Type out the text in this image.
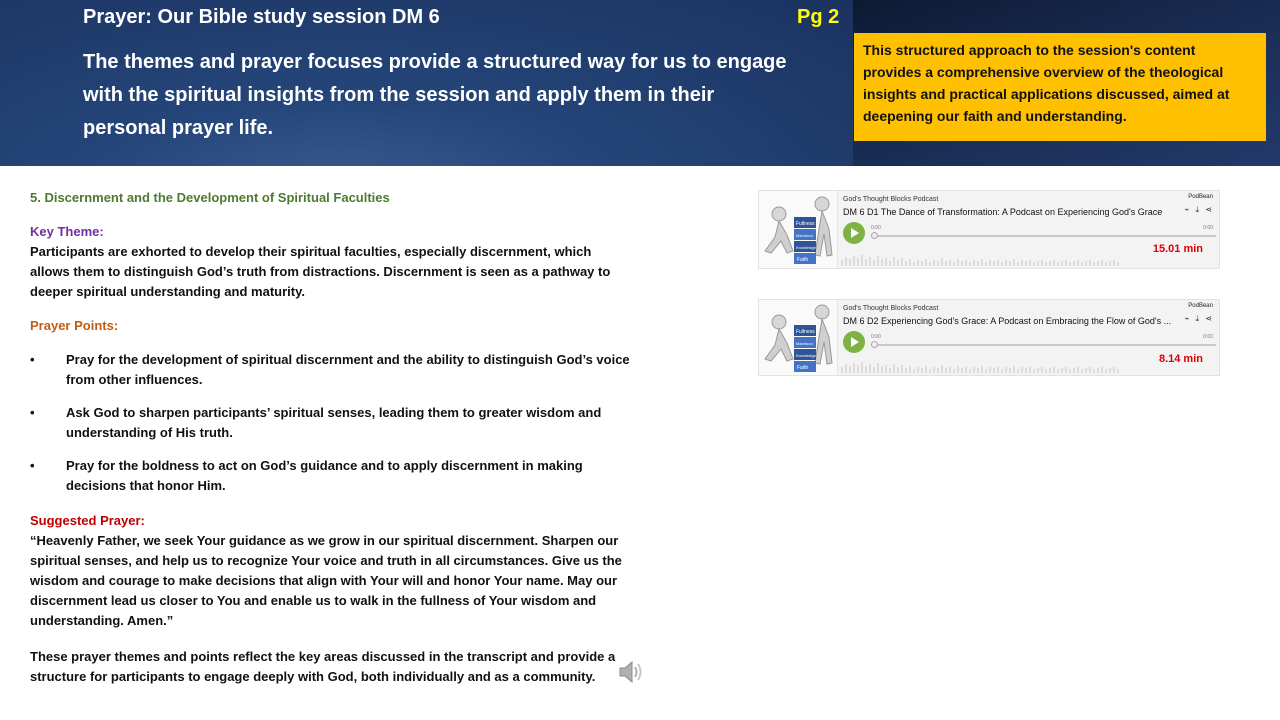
Prayer: Our Bible study session DM 6	Pg 2
The themes and prayer focuses provide a structured way for us to engage with the spiritual insights from the session and apply them in their personal prayer life.
This structured approach to the session's content provides a comprehensive overview of the theological insights and practical applications discussed, aimed at deepening our faith and understanding.
5. Discernment and the Development of Spiritual Faculties
Key Theme:
Participants are exhorted to develop their spiritual faculties, especially discernment, which allows them to distinguish God’s truth from distractions. Discernment is seen as a pathway to deeper spiritual understanding and maturity.
Prayer Points:
• Pray for the development of spiritual discernment and the ability to distinguish God’s voice from other influences.
• Ask God to sharpen participants’ spiritual senses, leading them to greater wisdom and understanding of His truth.
• Pray for the boldness to act on God’s guidance and to apply discernment in making decisions that honor Him.
Suggested Prayer:
“Heavenly Father, we seek Your guidance as we grow in our spiritual discernment. Sharpen our spiritual senses, and help us to recognize Your voice and truth in all circumstances. Give us the wisdom and courage to make decisions that align with Your will and honor Your name. May our discernment lead us closer to You and enable us to walk in the fullness of Your wisdom and understanding. Amen.”
These prayer themes and points reflect the key areas discussed in the transcript and provide a structure for participants to engage deeply with God, both individually and as a community.
Fullness
Manhood
Knowledge
Faith
God's Thought Blocks Podcast
DM 6 D1 The Dance of Transformation: A Podcast on Experiencing God's Grace
PodBean
⌁ ⤓ ⋖
0:00	0:00
15.01 min
Fullness
Manhood
Knowledge
Faith
God's Thought Blocks Podcast
DM 6 D2 Experiencing God's Grace: A Podcast on Embracing the Flow of God's ...
PodBean
⌁ ⤓ ⋖
0:00	0:00
8.14 min
